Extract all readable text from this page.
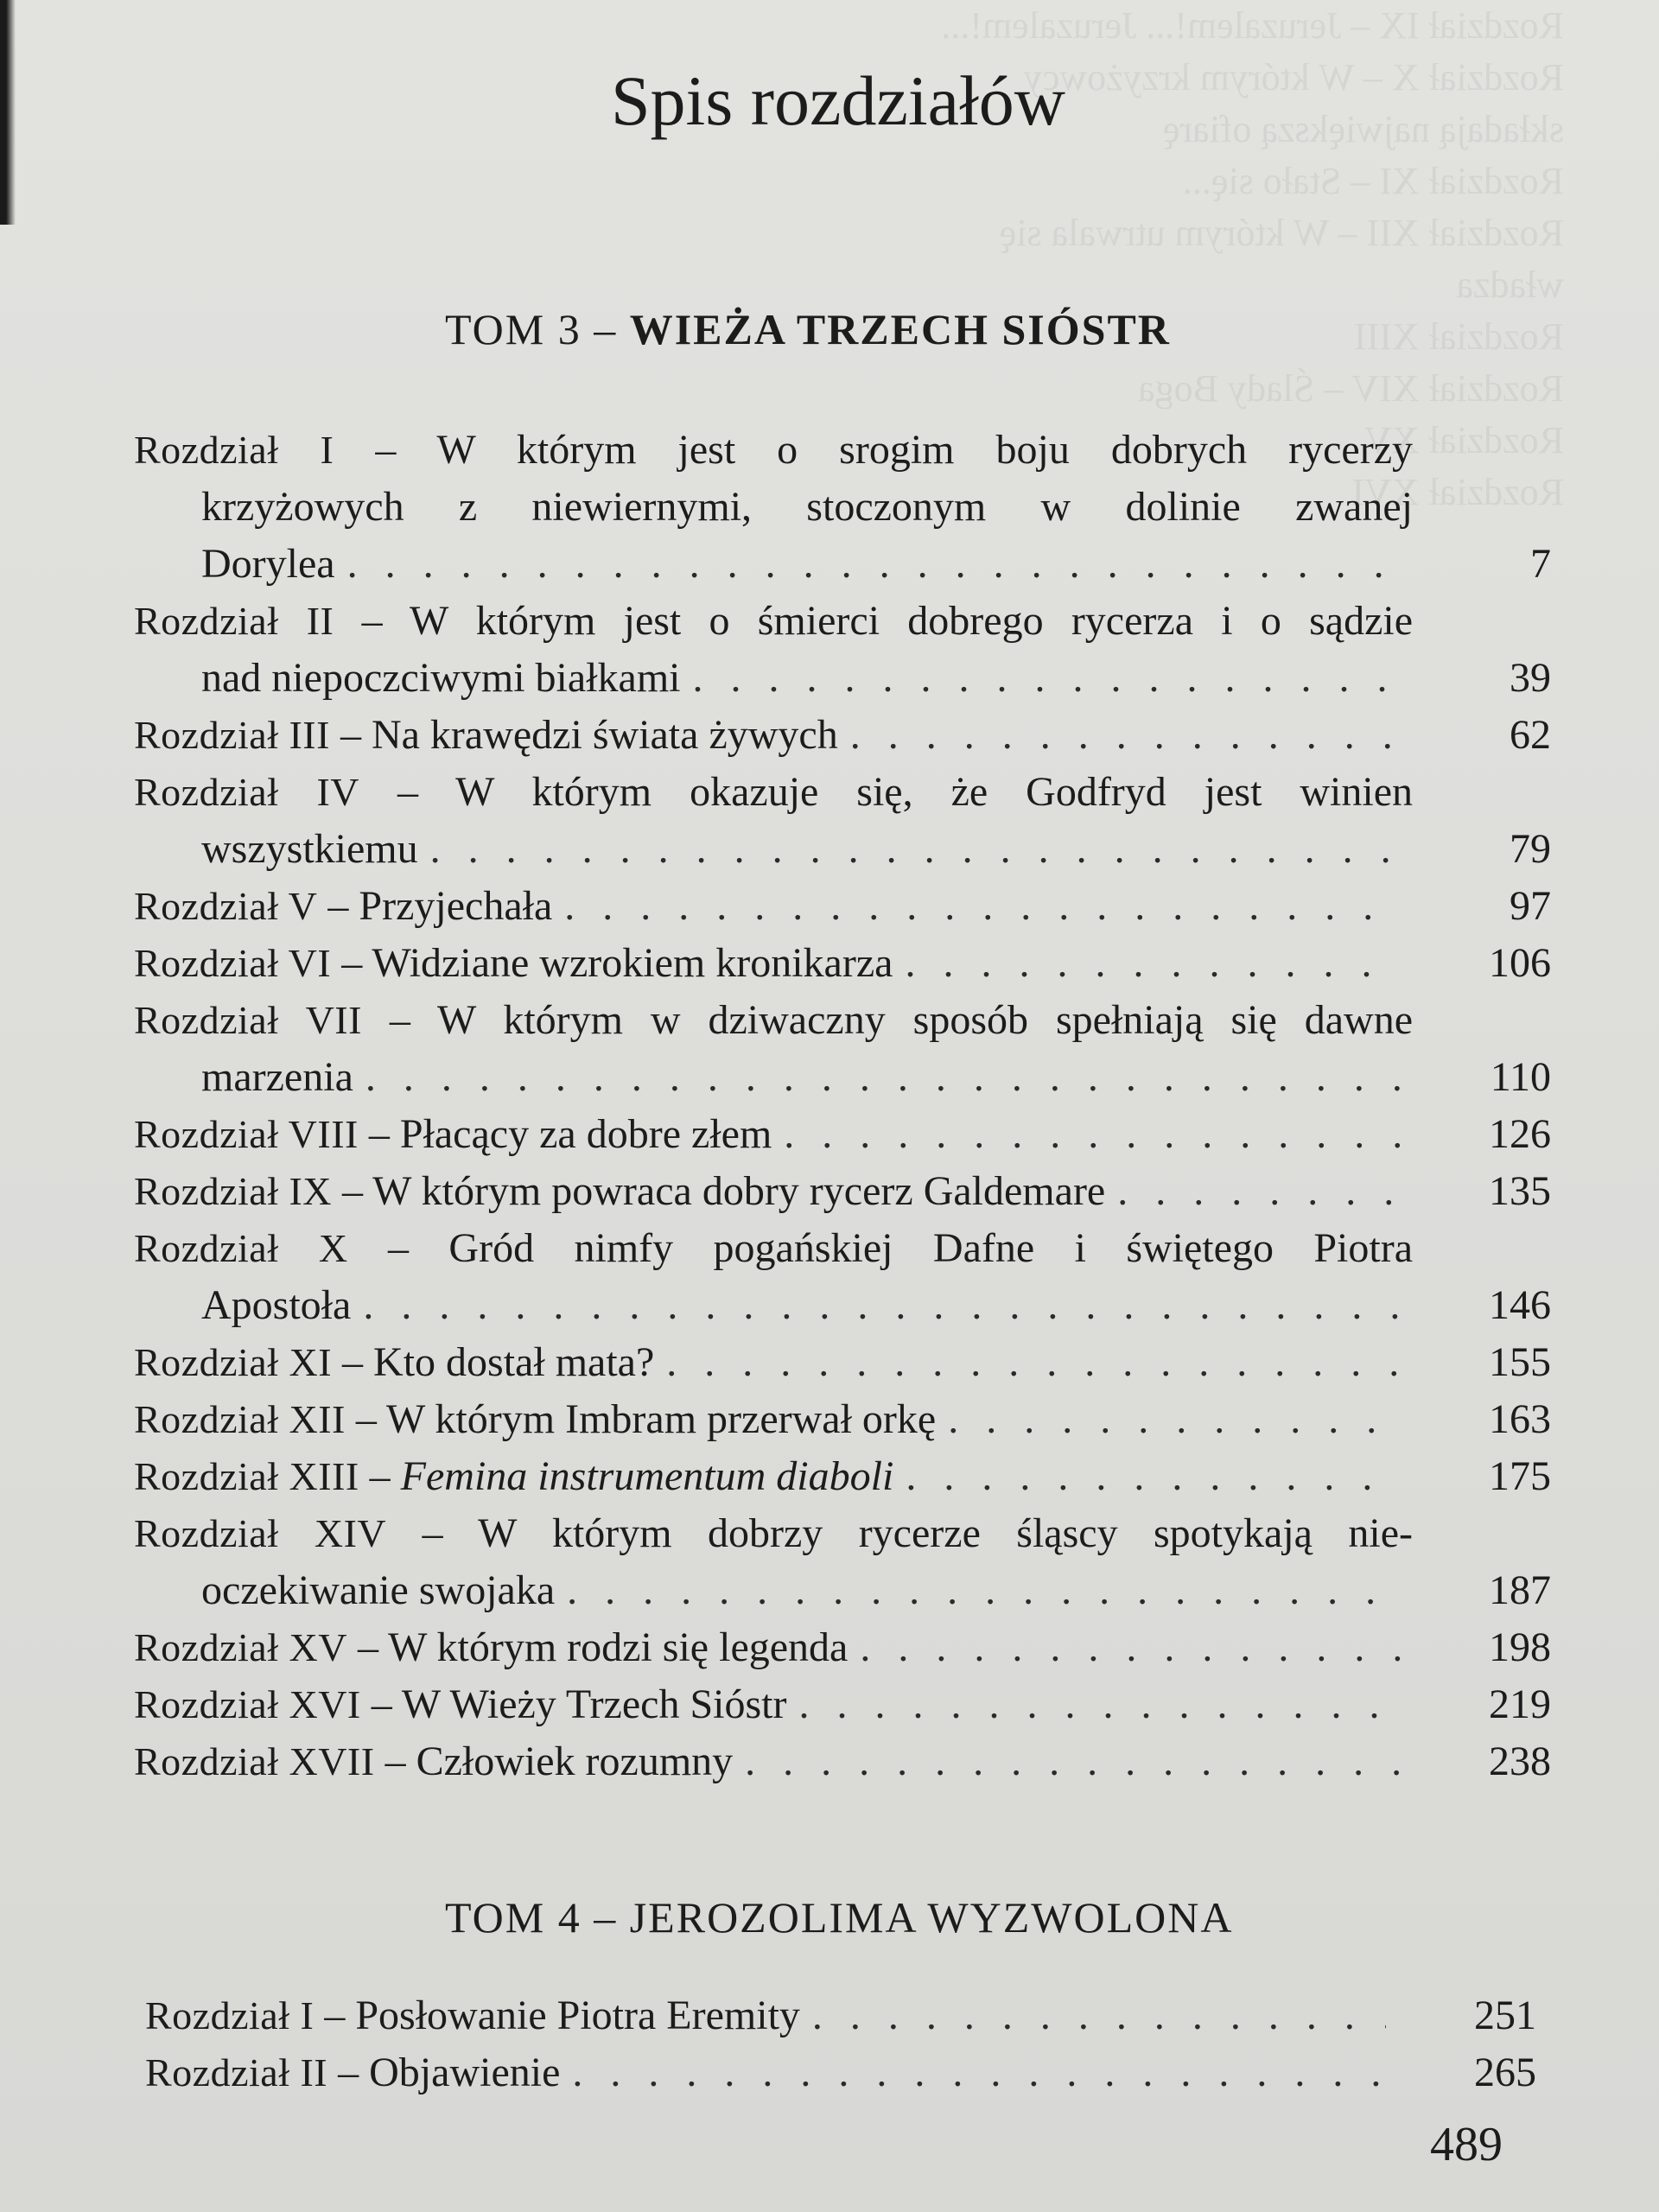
Rozdział IX – Jeruzalem!... Jeruzalem!...
Rozdział X – W którym krzyżowcy składają największą ofiarę
Rozdział XI – Stało się...
Rozdział XII – W którym utrwala się władza
Rozdział XIII
Rozdział XIV – Ślady Boga
Rozdział XV
Rozdział XVI
Spis rozdziałów
TOM 3 – WIEŻA TRZECH SIÓSTR
Rozdział I – W którym jest o srogim boju dobrych rycerzy
krzyżowych z niewiernymi, stoczonym w dolinie zwanej
Dorylea . . .	7
Rozdział II – W którym jest o śmierci dobrego rycerza i o sądzie
nad niepoczciwymi białkami . . .	39
Rozdział III – Na krawędzi świata żywych . . .	62
Rozdział IV – W którym okazuje się, że Godfryd jest winien
wszystkiemu . . .	79
Rozdział V – Przyjechała . . .	97
Rozdział VI – Widziane wzrokiem kronikarza . . .	106
Rozdział VII – W którym w dziwaczny sposób spełniają się dawne
marzenia . . .	110
Rozdział VIII – Płacący za dobre złem . . .	126
Rozdział IX – W którym powraca dobry rycerz Galdemare . . .	135
Rozdział X – Gród nimfy pogańskiej Dafne i świętego Piotra
Apostoła . . .	146
Rozdział XI – Kto dostał mata? . . .	155
Rozdział XII – W którym Imbram przerwał orkę . . .	163
Rozdział XIII – Femina instrumentum diaboli . . .	175
Rozdział XIV – W którym dobrzy rycerze śląscy spotykają nie-
oczekiwanie swojaka . . .	187
Rozdział XV – W którym rodzi się legenda . . .	198
Rozdział XVI – W Wieży Trzech Sióstr . . .	219
Rozdział XVII – Człowiek rozumny . . .	238
TOM 4 – JEROZOLIMA WYZWOLONA
Rozdział I – Posłowanie Piotra Eremity . . .	251
Rozdział II – Objawienie . . .	265
489
